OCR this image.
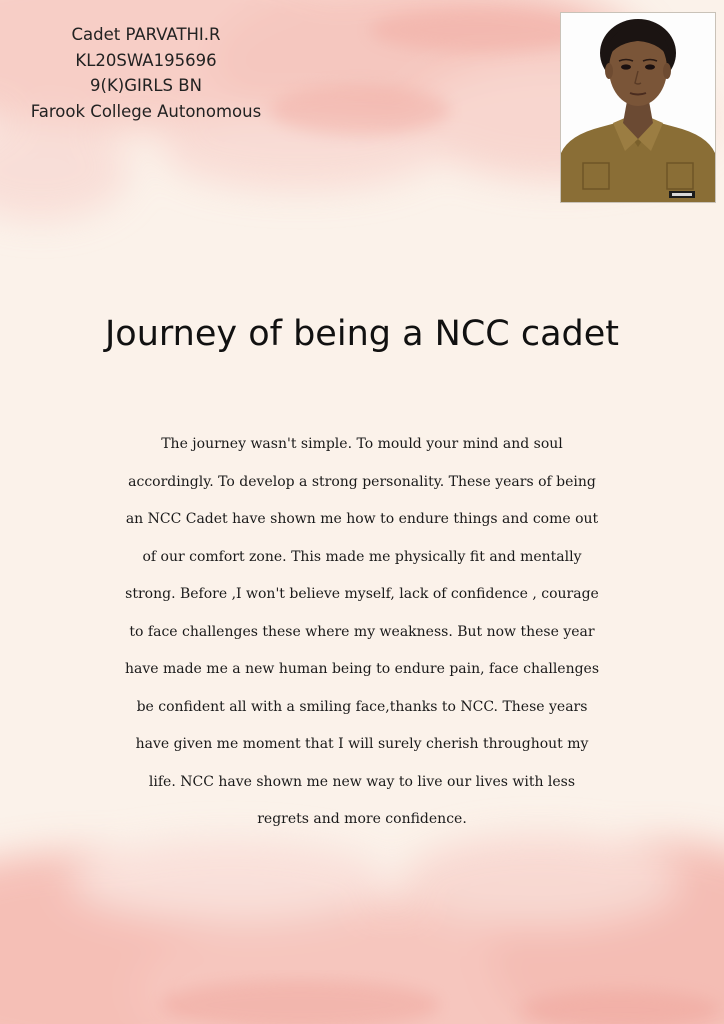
Cadet PARVATHI.R
KL20SWA195696
9(K)GIRLS BN
Farook College Autonomous
Journey of being a NCC cadet
The journey wasn't simple. To mould your mind and soul
accordingly. To develop a strong personality. These years of being
an NCC Cadet have shown me how to endure things and come out
of our comfort zone. This made me physically fit and mentally
strong. Before ,I won't believe myself, lack of confidence , courage
to face challenges these where my weakness. But now these year
have made me a new human being to endure pain, face challenges
be confident all with a smiling face,thanks to NCC. These years
have given me moment that I will surely cherish throughout my
life. NCC have shown me new way to live our lives with less
regrets and more confidence.
